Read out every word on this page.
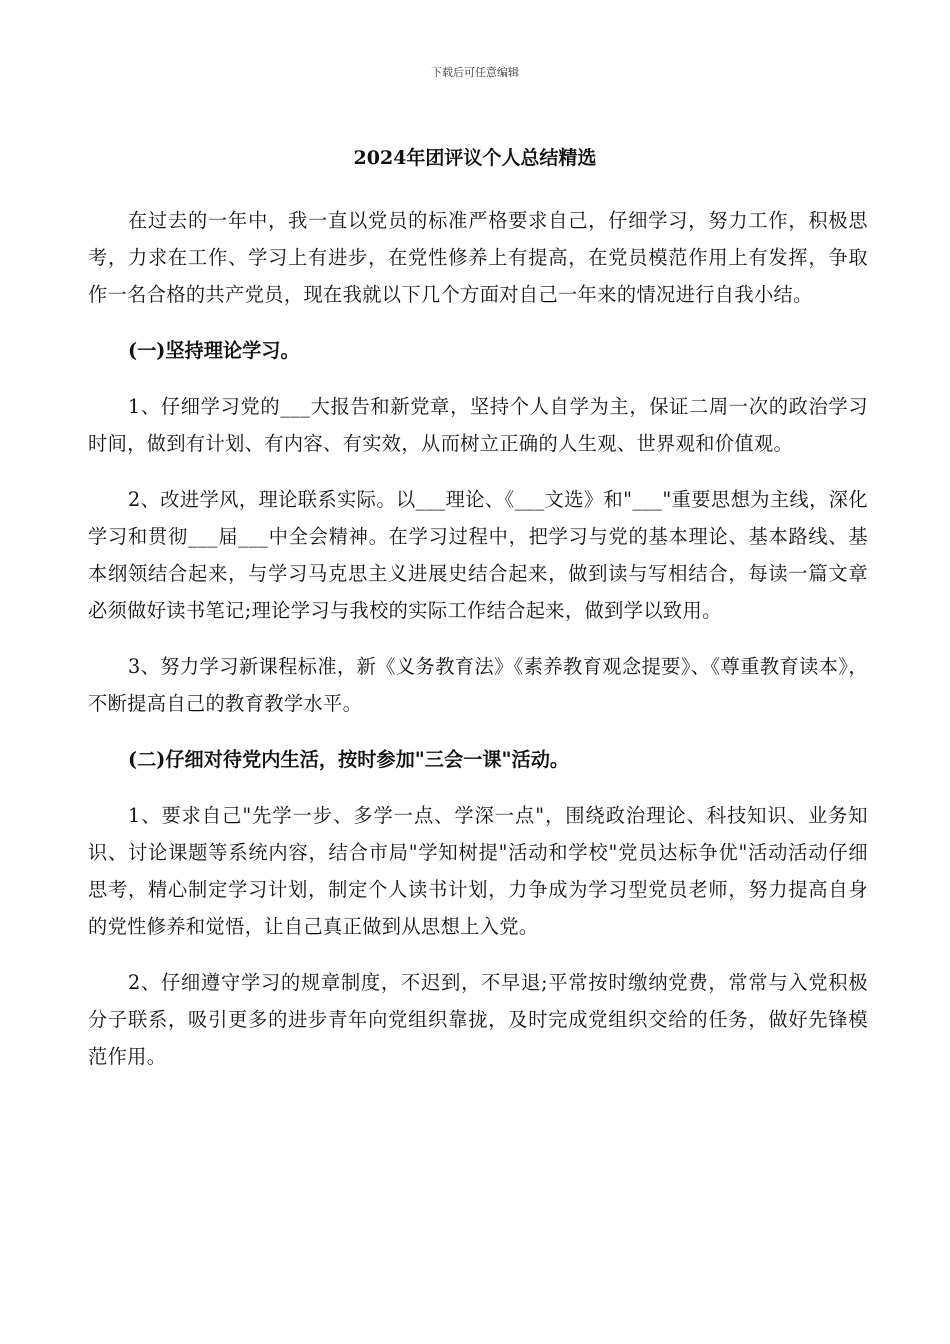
下载后可任意编辑
2024年团评议个人总结精选

在过去的一年中，我一直以党员的标准严格要求自己，仔细学习，努力工作，积极思考，力求在工作、学习上有进步，在党性修养上有提高，在党员模范作用上有发挥，争取作一名合格的共产党员，现在我就以下几个方面对自己一年来的情况进行自我小结。

(一)坚持理论学习。

1、仔细学习党的___大报告和新党章，坚持个人自学为主，保证二周一次的政治学习时间，做到有计划、有内容、有实效，从而树立正确的人生观、世界观和价值观。

2、改进学风，理论联系实际。以___理论、《___文选》和"___"重要思想为主线，深化学习和贯彻___届___中全会精神。在学习过程中，把学习与党的基本理论、基本路线、基本纲领结合起来，与学习马克思主义进展史结合起来，做到读与写相结合，每读一篇文章必须做好读书笔记;理论学习与我校的实际工作结合起来，做到学以致用。

3、努力学习新课程标准，新《义务教育法》《素养教育观念提要》、《尊重教育读本》，不断提高自己的教育教学水平。

(二)仔细对待党内生活，按时参加"三会一课"活动。

1、要求自己"先学一步、多学一点、学深一点"，围绕政治理论、科技知识、业务知识、讨论课题等系统内容，结合市局"学知树提"活动和学校"党员达标争优"活动活动仔细思考，精心制定学习计划，制定个人读书计划，力争成为学习型党员老师，努力提高自身的党性修养和觉悟，让自己真正做到从思想上入党。

2、仔细遵守学习的规章制度，不迟到，不早退;平常按时缴纳党费，常常与入党积极分子联系，吸引更多的进步青年向党组织靠拢，及时完成党组织交给的任务，做好先锋模范作用。
